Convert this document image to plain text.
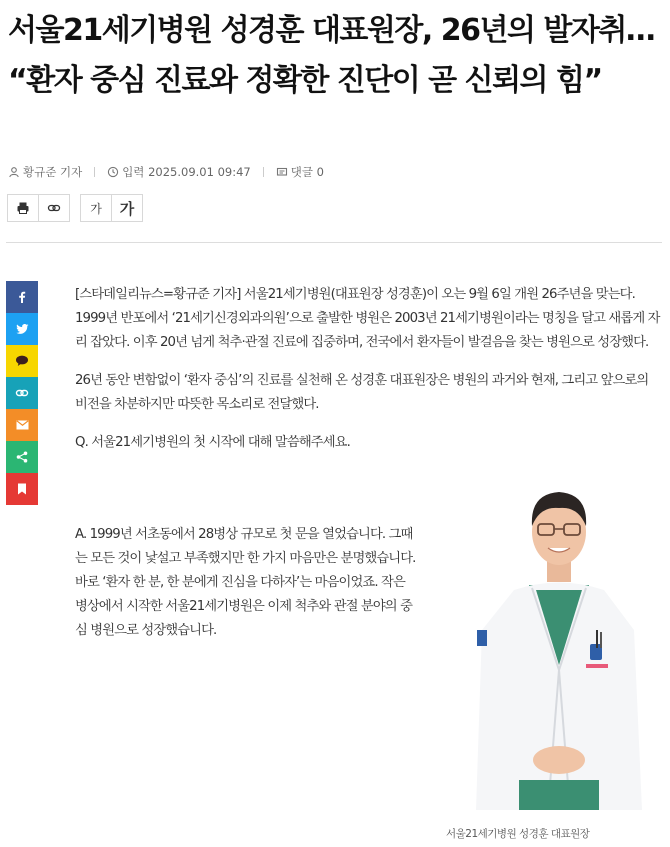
서울21세기병원 성경훈 대표원장, 26년의 발자취… “환자 중심 진료와 정확한 진단이 곧 신뢰의 힘”
황규준 기자	입력 2025.09.01 09:47	댓글 0
가	가

[스타데일리뉴스=황규준 기자] 서울21세기병원(대표원장 성경훈)이 오는 9월 6일 개원 26주년을 맞는다. 1999년 반포에서 ‘21세기신경외과의원’으로 출발한 병원은 2003년 21세기병원이라는 명칭을 달고 새롭게 자리 잡았다. 이후 20년 넘게 척추·관절 진료에 집중하며, 전국에서 환자들이 발걸음을 찾는 병원으로 성장했다.

26년 동안 변함없이 ‘환자 중심’의 진료를 실천해 온 성경훈 대표원장은 병원의 과거와 현재, 그리고 앞으로의 비전을 차분하지만 따뜻한 목소리로 전달했다.

Q. 서울21세기병원의 첫 시작에 대해 말씀해주세요.

A. 1999년 서초동에서 28병상 규모로 첫 문을 열었습니다. 그때는 모든 것이 낯설고 부족했지만 한 가지 마음만은 분명했습니다. 바로 ‘환자 한 분, 한 분에게 진심을 다하자’는 마음이었죠. 작은 병상에서 시작한 서울21세기병원은 이제 척추와 관절 분야의 중심 병원으로 성장했습니다.

서울21세기병원 성경훈 대표원장
